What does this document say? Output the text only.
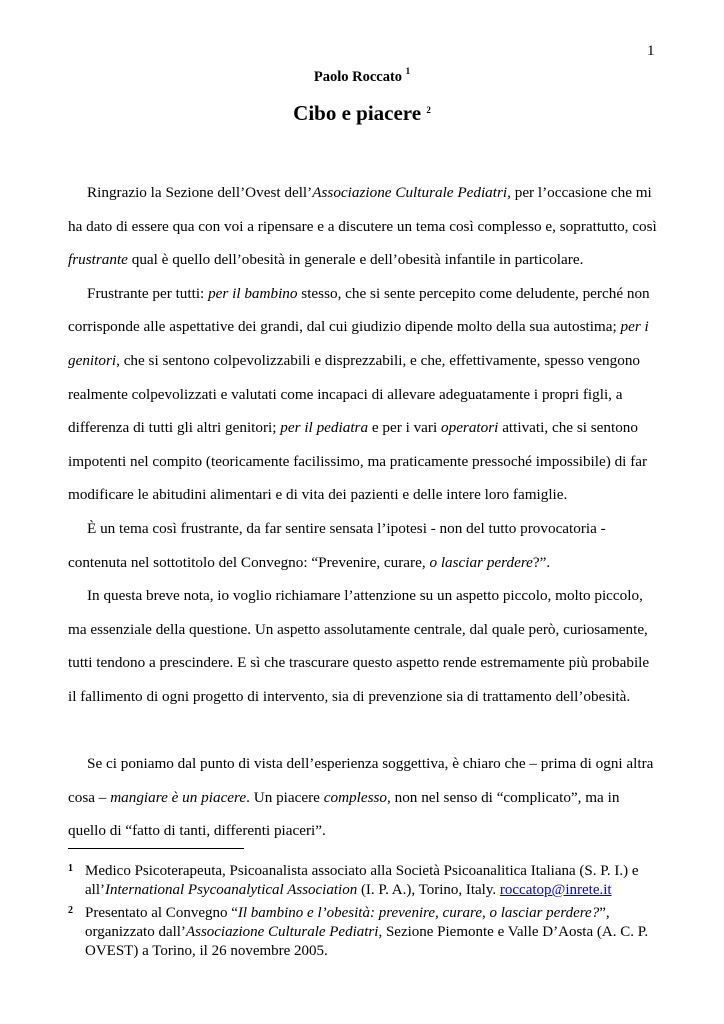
1
Paolo Roccato $^1$
Cibo e piacere $^2$

Ringrazio la Sezione dell’Ovest dell’Associazione Culturale Pediatri, per l’occasione che mi ha dato di essere qua con voi a ripensare e a discutere un tema così complesso e, soprattutto, così frustrante qual è quello dell’obesità in generale e dell’obesità infantile in particolare.

Frustrante per tutti: per il bambino stesso, che si sente percepito come deludente, perché non corrisponde alle aspettative dei grandi, dal cui giudizio dipende molto della sua autostima; per i genitori, che si sentono colpevolizzabili e disprezzabili, e che, effettivamente, spesso vengono realmente colpevolizzati e valutati come incapaci di allevare adeguatamente i propri figli, a differenza di tutti gli altri genitori; per il pediatra e per i vari operatori attivati, che si sentono impotenti nel compito (teoricamente facilissimo, ma praticamente pressoché impossibile) di far modificare le abitudini alimentari e di vita dei pazienti e delle intere loro famiglie.

È un tema così frustrante, da far sentire sensata l’ipotesi - non del tutto provocatoria - contenuta nel sottotitolo del Convegno: “Prevenire, curare, o lasciar perdere?”.

In questa breve nota, io voglio richiamare l’attenzione su un aspetto piccolo, molto piccolo, ma essenziale della questione. Un aspetto assolutamente centrale, dal quale però, curiosamente, tutti tendono a prescindere. E sì che trascurare questo aspetto rende estremamente più probabile il fallimento di ogni progetto di intervento, sia di prevenzione sia di trattamento dell’obesità.

Se ci poniamo dal punto di vista dell’esperienza soggettiva, è chiaro che – prima di ogni altra cosa – mangiare è un piacere. Un piacere complesso, non nel senso di “complicato”, ma in quello di “fatto di tanti, differenti piaceri”.

1 Medico Psicoterapeuta, Psicoanalista associato alla Società Psicoanalitica Italiana (S. P. I.) e all’International Psycoanalytical Association (I. P. A.), Torino, Italy. roccatop@inrete.it
2 Presentato al Convegno “Il bambino e l’obesità: prevenire, curare, o lasciar perdere?”, organizzato dall’Associazione Culturale Pediatri, Sezione Piemonte e Valle D’Aosta (A. C. P. OVEST) a Torino, il 26 novembre 2005.
